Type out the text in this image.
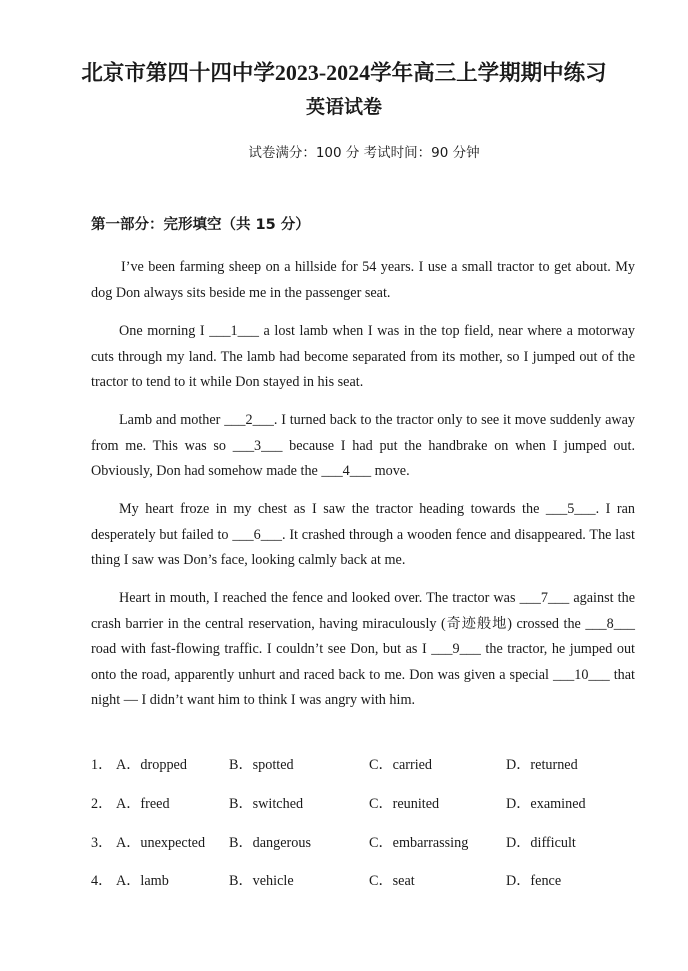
北京市第四十四中学2023-2024学年高三上学期期中练习
英语试卷
试卷满分：100 分 考试时间：90 分钟
第一部分：完形填空（共 15 分）

I’ve been farming sheep on a hillside for 54 years. I use a small tractor to get about. My dog Don always sits beside me in the passenger seat.

One morning I ___1___ a lost lamb when I was in the top field, near where a motorway cuts through my land. The lamb had become separated from its mother, so I jumped out of the tractor to tend to it while Don stayed in his seat.

Lamb and mother ___2___. I turned back to the tractor only to see it move suddenly away from me. This was so ___3___ because I had put the handbrake on when I jumped out. Obviously, Don had somehow made the ___4___ move.

My heart froze in my chest as I saw the tractor heading towards the ___5___. I ran desperately but failed to ___6___. It crashed through a wooden fence and disappeared. The last thing I saw was Don’s face, looking calmly back at me.

Heart in mouth, I reached the fence and looked over. The tractor was ___7___ against the crash barrier in the central reservation, having miraculously (奇迹般地) crossed the ___8___ road with fast-flowing traffic. I couldn’t see Don, but as I ___9___ the tractor, he jumped out onto the road, apparently unhurt and raced back to me. Don was given a special ___10___ that night — I didn’t want him to think I was angry with him.

1． A．dropped	B．spotted	C．carried	D．returned
2． A．freed	B．switched	C．reunited	D．examined
3． A．unexpected B．dangerous	C．embarrassing	D．difficult
4． A．lamb	B．vehicle	C．seat	D．fence
